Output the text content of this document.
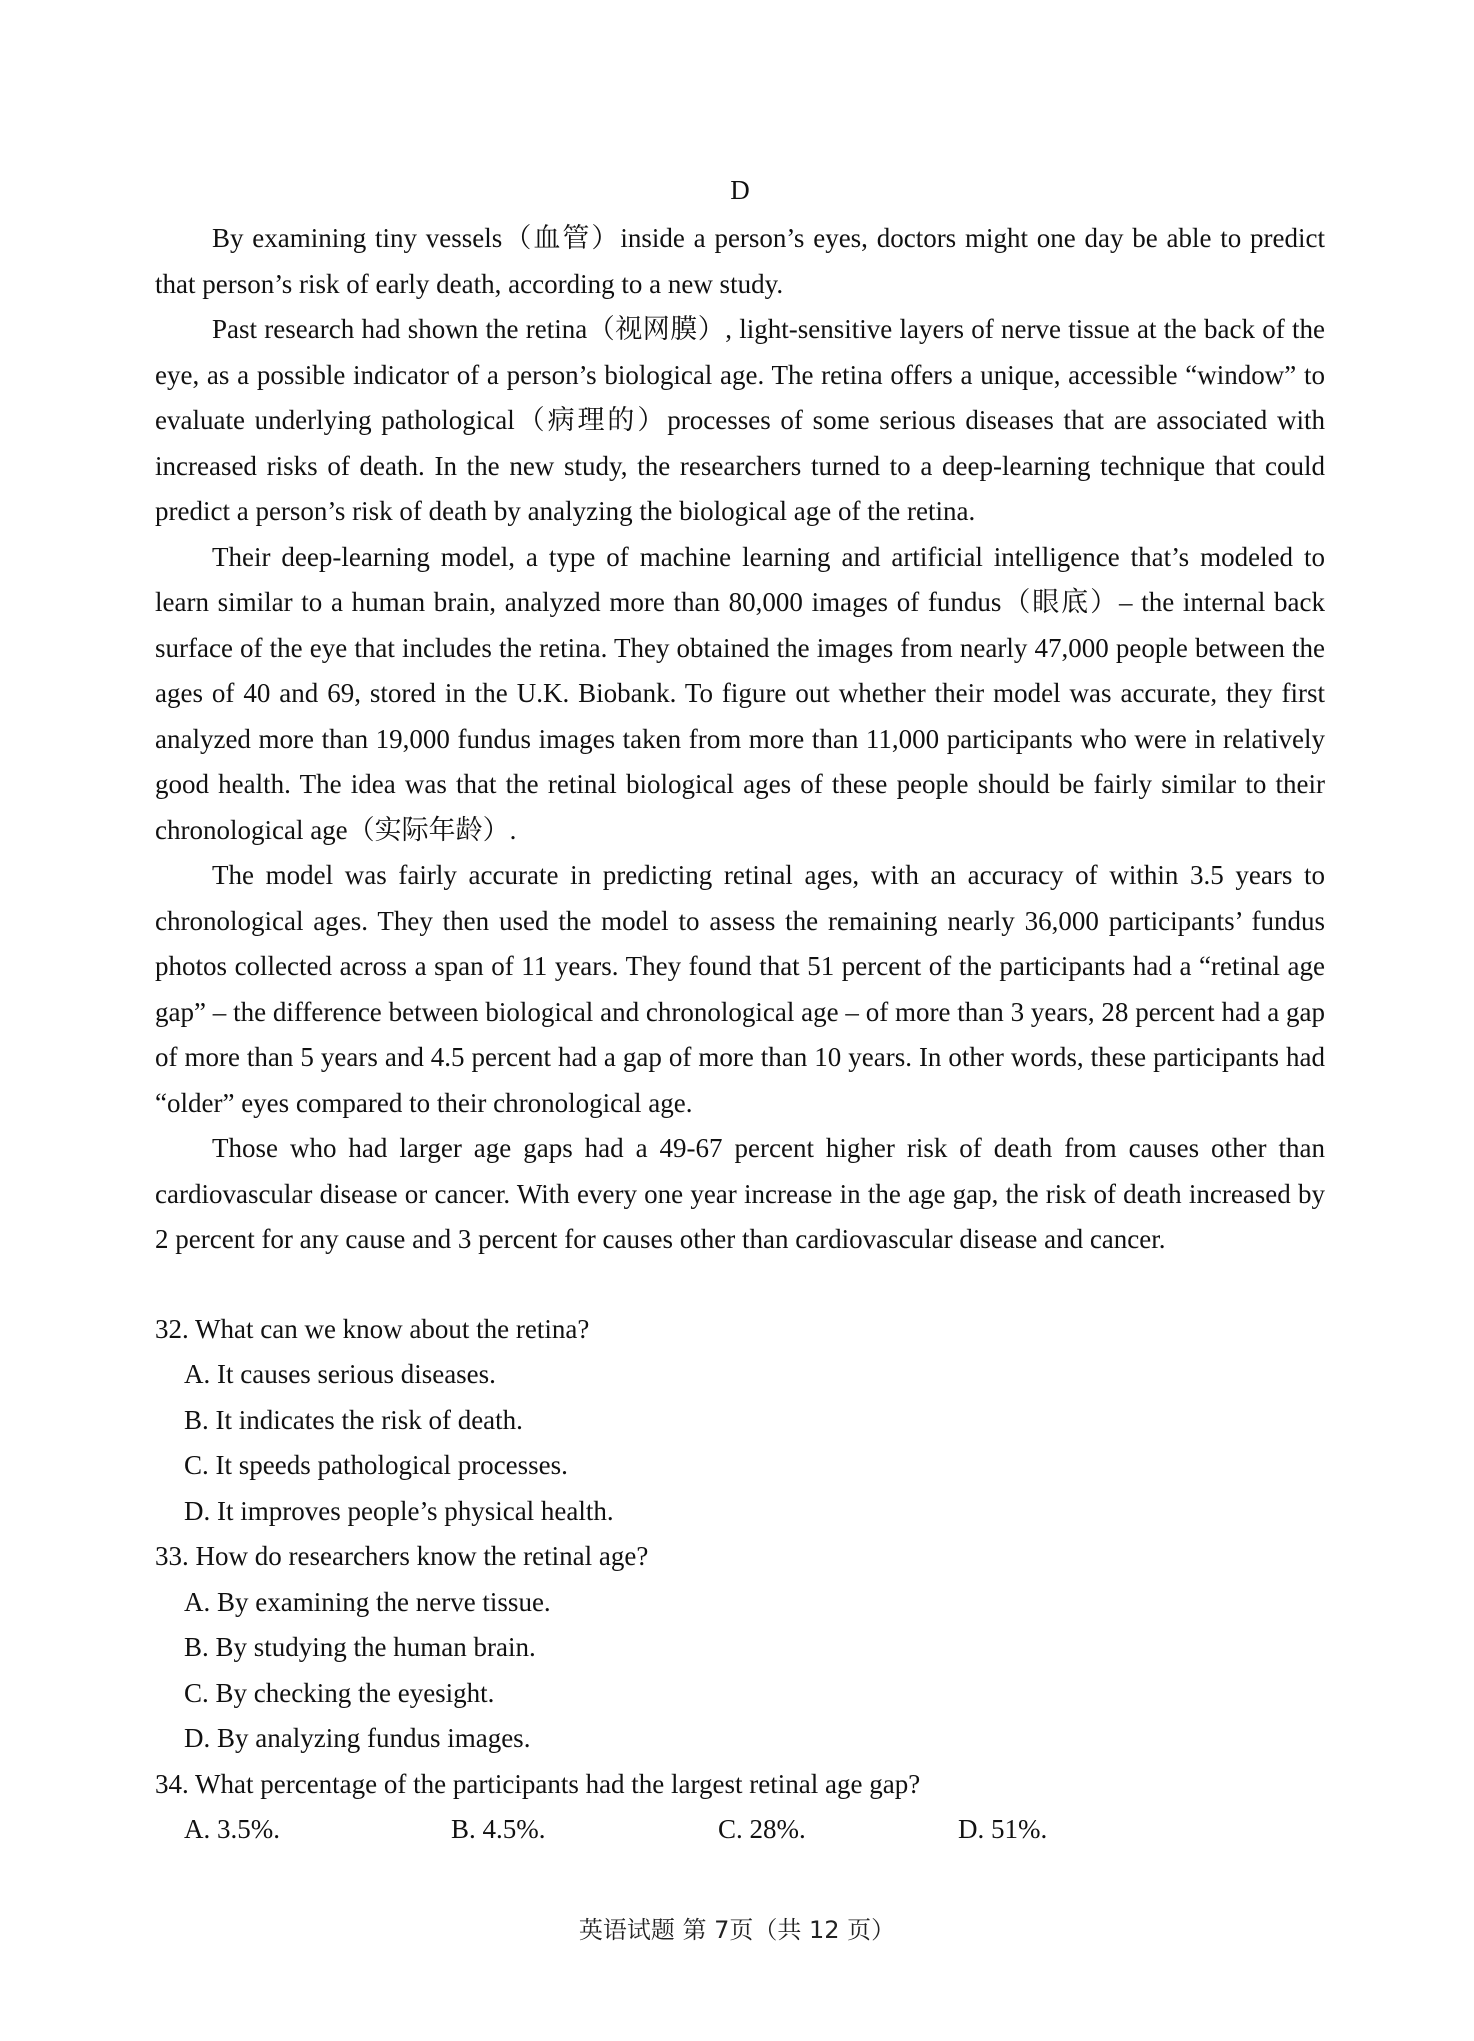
D

By examining tiny vessels（血管）inside a person’s eyes, doctors might one day be able to predict that person’s risk of early death, according to a new study.

Past research had shown the retina（视网膜）, light-sensitive layers of nerve tissue at the back of the eye, as a possible indicator of a person’s biological age. The retina offers a unique, accessible “window” to evaluate underlying pathological（病理的）processes of some serious diseases that are associated with increased risks of death. In the new study, the researchers turned to a deep-learning technique that could predict a person’s risk of death by analyzing the biological age of the retina.

Their deep-learning model, a type of machine learning and artificial intelligence that’s modeled to learn similar to a human brain, analyzed more than 80,000 images of fundus（眼底）– the internal back surface of the eye that includes the retina. They obtained the images from nearly 47,000 people between the ages of 40 and 69, stored in the U.K. Biobank. To figure out whether their model was accurate, they first analyzed more than 19,000 fundus images taken from more than 11,000 participants who were in relatively good health. The idea was that the retinal biological ages of these people should be fairly similar to their chronological age（实际年龄）.

The model was fairly accurate in predicting retinal ages, with an accuracy of within 3.5 years to chronological ages. They then used the model to assess the remaining nearly 36,000 participants’ fundus photos collected across a span of 11 years. They found that 51 percent of the participants had a “retinal age gap” – the difference between biological and chronological age – of more than 3 years, 28 percent had a gap of more than 5 years and 4.5 percent had a gap of more than 10 years. In other words, these participants had “older” eyes compared to their chronological age.

Those who had larger age gaps had a 49-67 percent higher risk of death from causes other than cardiovascular disease or cancer. With every one year increase in the age gap, the risk of death increased by 2 percent for any cause and 3 percent for causes other than cardiovascular disease and cancer.

32. What can we know about the retina?

A. It causes serious diseases.

B. It indicates the risk of death.

C. It speeds pathological processes.

D. It improves people’s physical health.

33. How do researchers know the retinal age?

A. By examining the nerve tissue.

B. By studying the human brain.

C. By checking the eyesight.

D. By analyzing fundus images.

34. What percentage of the participants had the largest retinal age gap?

A. 3.5%.	B. 4.5%.	C. 28%.	D. 51%.
英语试题 第 7页（共 12 页）
